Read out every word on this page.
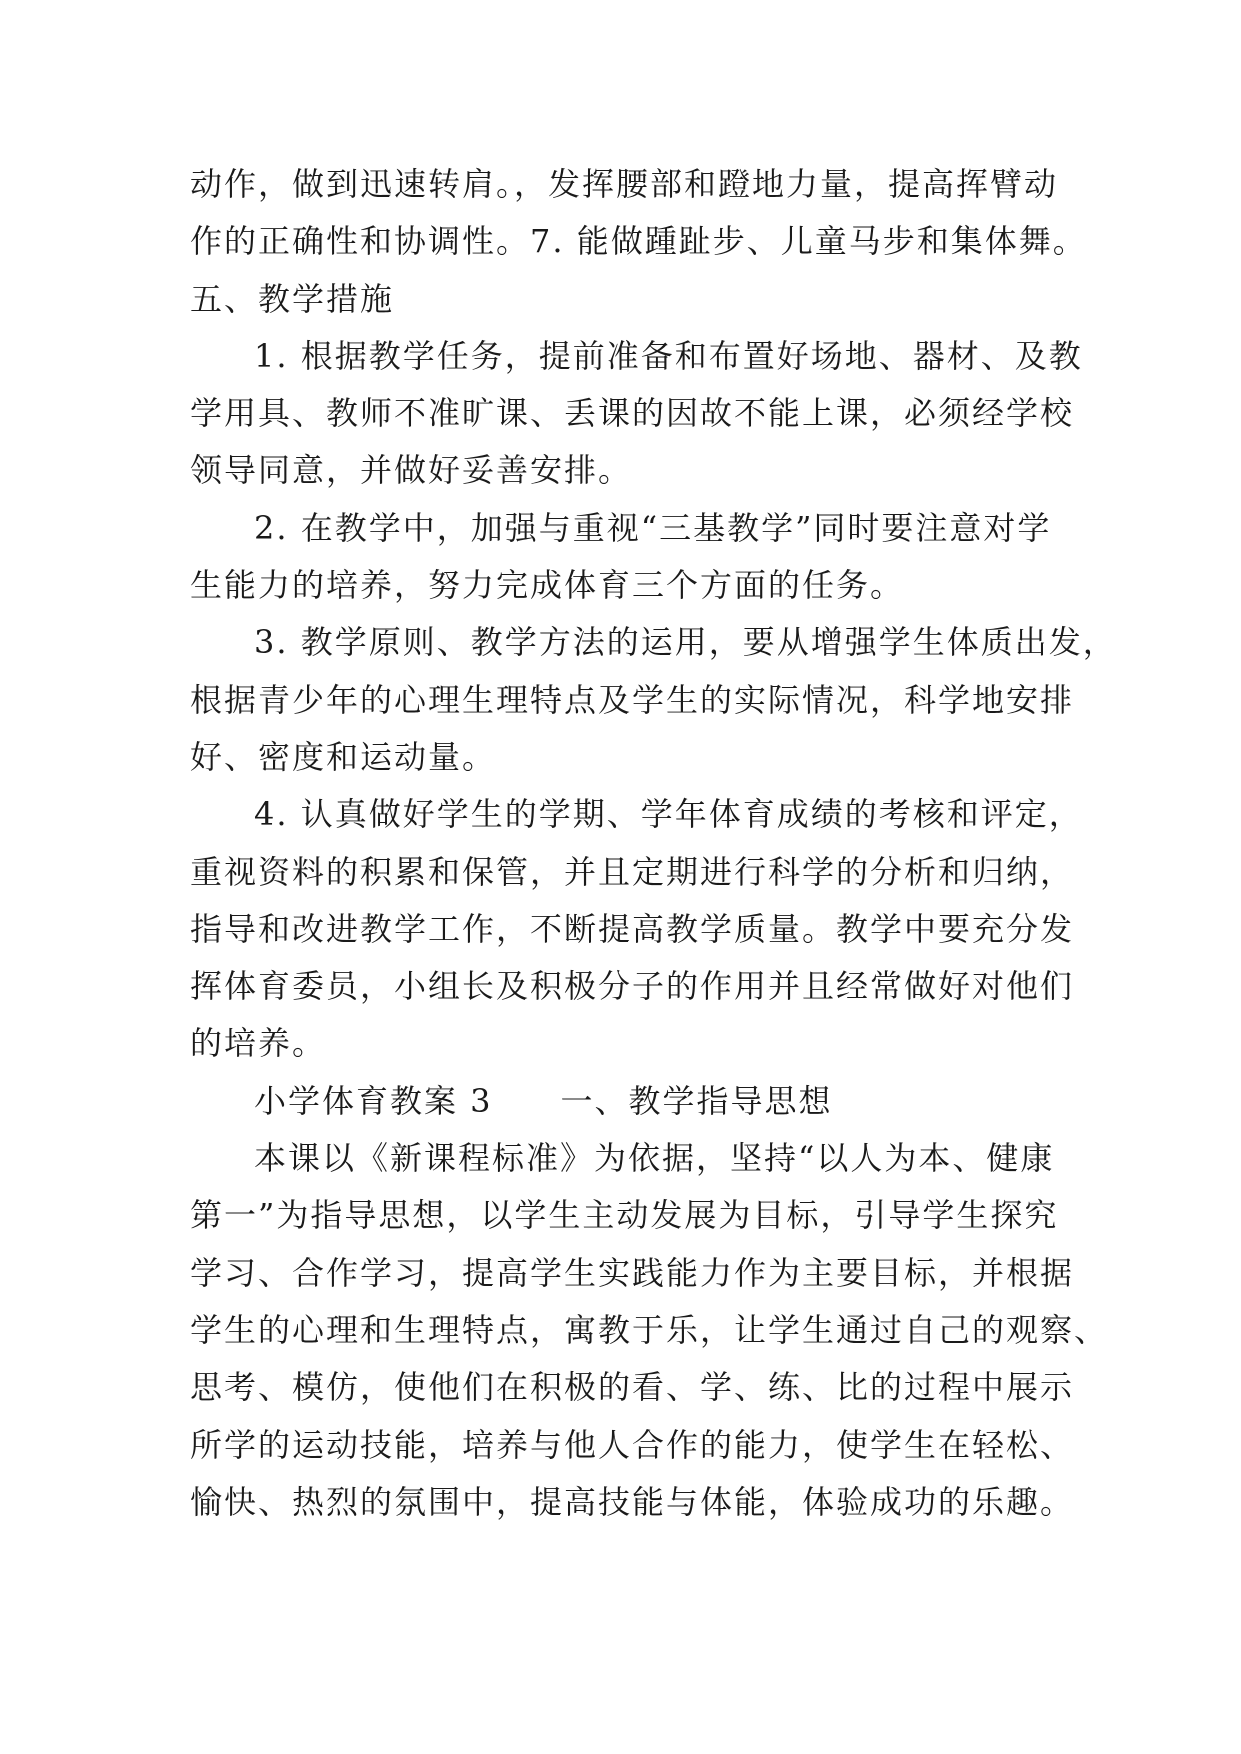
动作，做到迅速转肩。，发挥腰部和蹬地力量，提高挥臂动
作的正确性和协调性。7. 能做踵趾步、儿童马步和集体舞。
五、教学措施
1. 根据教学任务，提前准备和布置好场地、器材、及教
学用具、教师不准旷课、丢课的因故不能上课，必须经学校
领导同意，并做好妥善安排。
2. 在教学中，加强与重视“三基教学”同时要注意对学
生能力的培养，努力完成体育三个方面的任务。
3. 教学原则、教学方法的运用，要从增强学生体质出发，
根据青少年的心理生理特点及学生的实际情况，科学地安排
好、密度和运动量。
4. 认真做好学生的学期、学年体育成绩的考核和评定，
重视资料的积累和保管，并且定期进行科学的分析和归纳，
指导和改进教学工作，不断提高教学质量。教学中要充分发
挥体育委员，小组长及积极分子的作用并且经常做好对他们
的培养。
小学体育教案 3　　一、教学指导思想
本课以《新课程标准》为依据，坚持“以人为本、健康
第一”为指导思想，以学生主动发展为目标，引导学生探究
学习、合作学习，提高学生实践能力作为主要目标，并根据
学生的心理和生理特点，寓教于乐，让学生通过自己的观察、
思考、模仿，使他们在积极的看、学、练、比的过程中展示
所学的运动技能，培养与他人合作的能力，使学生在轻松、
愉快、热烈的氛围中，提高技能与体能，体验成功的乐趣。
